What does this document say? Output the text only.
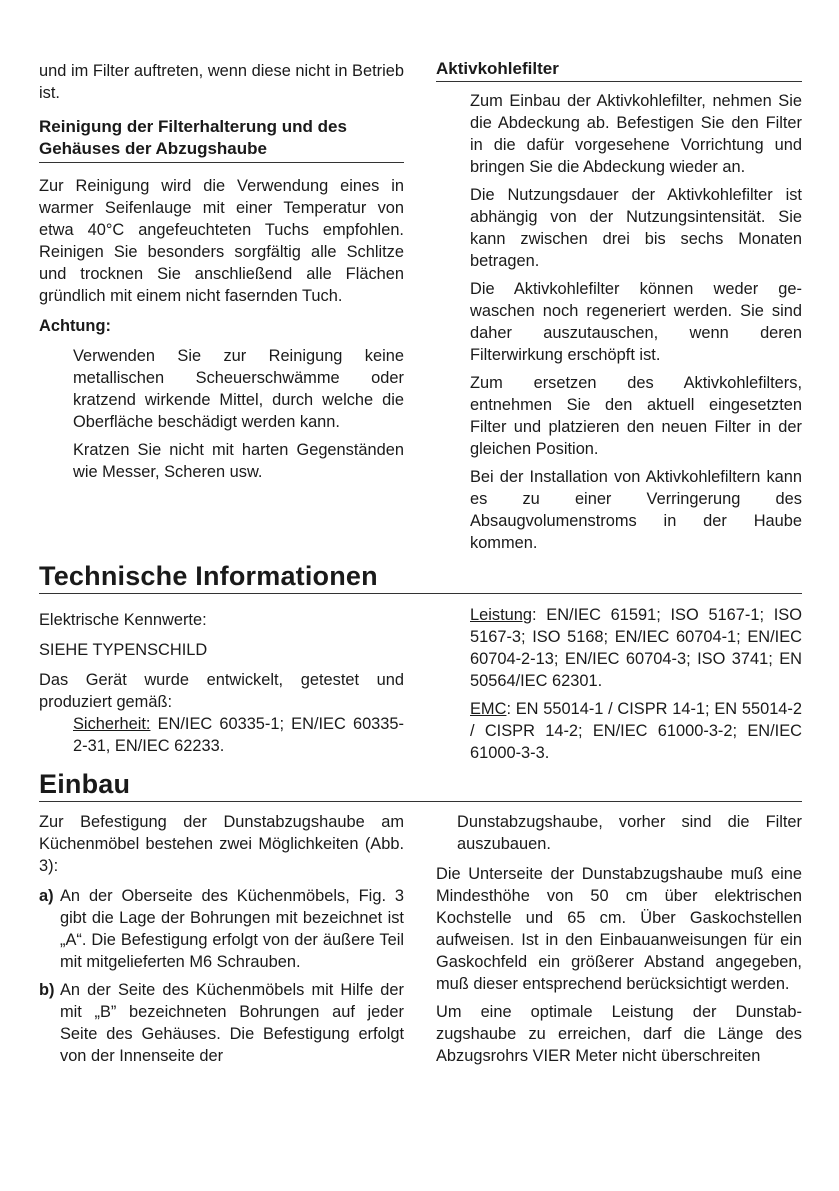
und im Filter auftreten, wenn diese nicht in Betrieb ist.

Reinigung der Filterhalterung und des Gehäuses der Abzugshaube

Zur Reinigung wird die Verwendung eines in warmer Seifenlauge mit einer Temperatur von etwa 40°C angefeuchteten Tuchs empfohlen. Reinigen Sie besonders sorgfältig alle Schlitze und trocknen Sie anschließend alle Flächen gründlich mit einem nicht fasernden Tuch.

Achtung:

Verwenden Sie zur Reinigung keine metallischen Scheuerschwämme oder kratzend wirkende Mittel, durch welche die Oberfläche beschädigt werden kann.

Kratzen Sie nicht mit harten Gegenständen wie Messer, Scheren usw.

Aktivkohlefilter

Zum Einbau der Aktivkohlefilter, nehmen Sie die Abdeckung ab. Befestigen Sie den Filter in die dafür vorgesehene Vorrichtung und bringen Sie die Abdeckung wieder an.

Die Nutzungsdauer der Aktivkohlefilter ist abhängig von der Nutzungsintensität. Sie kann zwischen drei bis sechs Monaten betragen.

Die Aktivkohlefilter können weder ge-waschen noch regeneriert werden. Sie sind daher auszutauschen, wenn deren Filterwirkung erschöpft ist.

Zum ersetzen des Aktivkohlefilters, entnehmen Sie den aktuell eingesetzten Filter und platzieren den neuen Filter in der gleichen Position.

Bei der Installation von Aktivkohlefiltern kann es zu einer Verringerung des Absaugvolumenstroms in der Haube kommen.

Technische Informationen

Elektrische Kennwerte:

SIEHE TYPENSCHILD

Das Gerät wurde entwickelt, getestet und produziert gemäß:

Sicherheit: EN/IEC 60335-1; EN/IEC 60335-2-31, EN/IEC 62233.

Leistung: EN/IEC 61591; ISO 5167-1; ISO 5167-3; ISO 5168; EN/IEC 60704-1; EN/IEC 60704-2-13; EN/IEC 60704-3; ISO 3741; EN 50564/IEC 62301.

EMC: EN 55014-1 / CISPR 14-1; EN 55014-2 / CISPR 14-2; EN/IEC 61000-3-2; EN/IEC 61000-3-3.

Einbau

Zur Befestigung der Dunstabzugshaube am Küchenmöbel bestehen zwei Möglichkeiten (Abb. 3):

a) An der Oberseite des Küchenmöbels, Fig. 3 gibt die Lage der Bohrungen mit bezeichnet ist „A“. Die Befestigung erfolgt von der äußere Teil mit mitgelieferten M6 Schrauben.

b) An der Seite des Küchenmöbels mit Hilfe der mit „B” bezeichneten Bohrungen auf jeder Seite des Gehäuses. Die Befestigung erfolgt von der Innenseite der

Dunstabzugshaube, vorher sind die Filter auszubauen.

Die Unterseite der Dunstabzugshaube muß eine Mindesthöhe von 50 cm über elektrischen Kochstelle und 65 cm. Über Gaskochstellen aufweisen. Ist in den Einbauanweisungen für ein Gaskochfeld ein größerer Abstand angegeben, muß dieser entsprechend berücksichtigt werden.

Um eine optimale Leistung der Dunstab-zugshaube zu erreichen, darf die Länge des Abzugsrohrs VIER Meter nicht überschreiten
